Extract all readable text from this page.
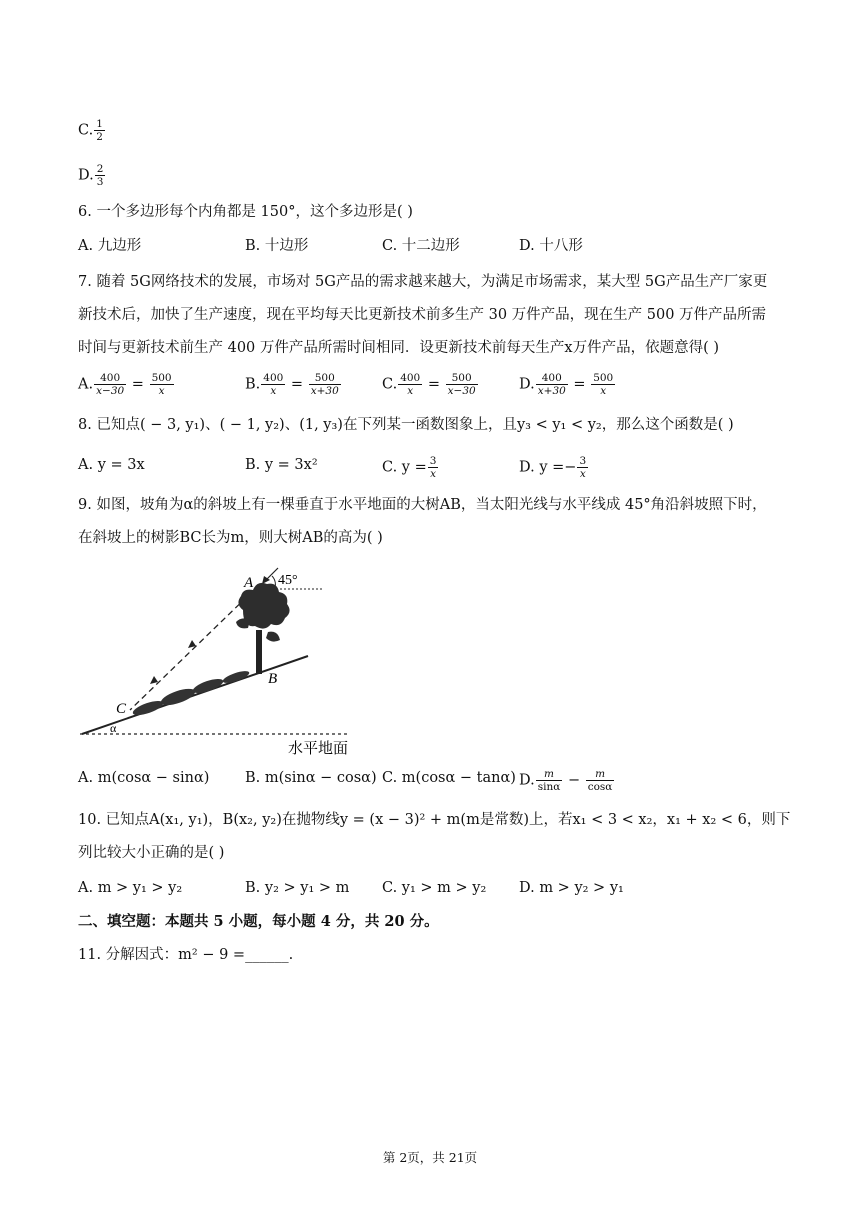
C. $\frac{1}{2}$
D. $\frac{2}{3}$
6. 一个多边形每个内角都是 150°，这个多边形是( )
A. 九边形	B. 十边形	C. 十二边形	D. 十八形
7. 随着 5G网络技术的发展，市场对 5G产品的需求越来越大，为满足市场需求，某大型 5G产品生产厂家更
新技术后，加快了生产速度，现在平均每天比更新技术前多生产 30 万件产品，现在生产 500 万件产品所需
时间与更新技术前生产 400 万件产品所需时间相同．设更新技术前每天生产x万件产品，依题意得( )
A. $\frac{400}{x-30} = \frac{500}{x}$	B. $\frac{400}{x} = \frac{500}{x+30}$	C. $\frac{400}{x} = \frac{500}{x-30}$	D. $\frac{400}{x+30} = \frac{500}{x}$
8. 已知点( − 3, y₁)、( − 1, y₂)、(1, y₃)在下列某一函数图象上，且y₃ < y₁ < y₂，那么这个函数是( )
A. y = 3x	B. y = 3x²	C. $y = \frac{3}{x}$	D. $y =- \frac{3}{x}$
9. 如图，坡角为α的斜坡上有一棵垂直于水平地面的大树AB，当太阳光线与水平线成 45°角沿斜坡照下时，
在斜坡上的树影BC长为m，则大树AB的高为( )
A 45°
B
C
α
水平地面
A. m(cosα − sinα) B. m(sinα − cosα) C. m(cosα − tanα) D. $\frac{m}{\sin\alpha} - \frac{m}{\cos\alpha}$
10. 已知点A(x₁, y₁)，B(x₂, y₂)在抛物线y = (x − 3)² + m(m是常数)上，若x₁ < 3 < x₂，x₁ + x₂ < 6，则下
列比较大小正确的是( )
A. m > y₁ > y₂	B. y₂ > y₁ > m C. y₁ > m > y₂ D. m > y₂ > y₁
二、填空题：本题共 5 小题，每小题 4 分，共 20 分。
11. 分解因式：m² − 9 =______.
第 2页，共 21页
